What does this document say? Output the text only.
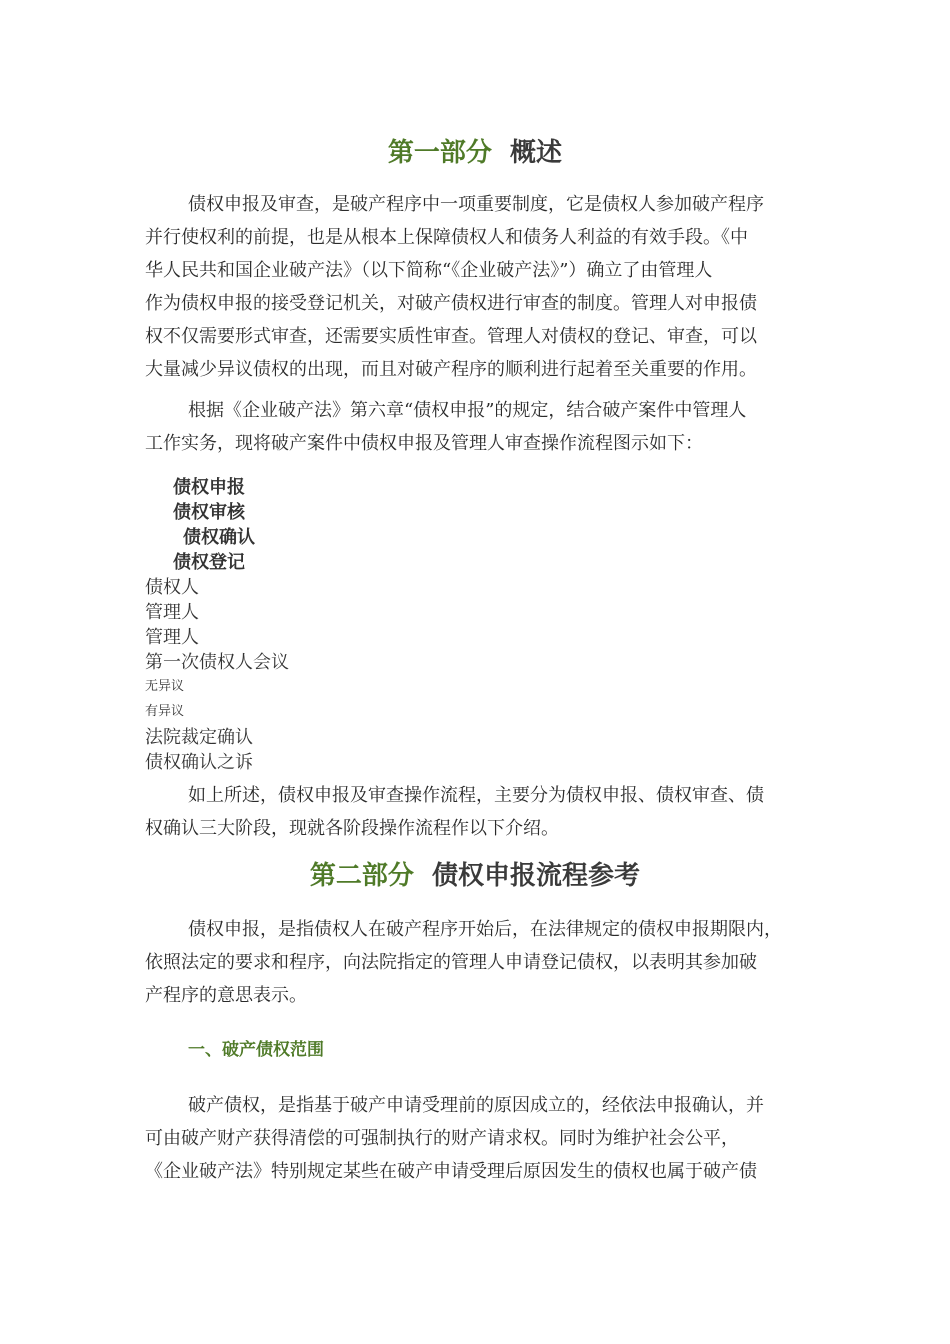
第一部分 概述
债权申报及审查，是破产程序中一项重要制度，它是债权人参加破产程序
并行使权利的前提，也是从根本上保障债权人和债务人利益的有效手段。《中
华人民共和国企业破产法》（以下简称“《企业破产法》”）确立了由管理人
作为债权申报的接受登记机关，对破产债权进行审查的制度。管理人对申报债
权不仅需要形式审查，还需要实质性审查。管理人对债权的登记、审查，可以
大量减少异议债权的出现，而且对破产程序的顺利进行起着至关重要的作用。
根据《企业破产法》第六章“债权申报”的规定，结合破产案件中管理人
工作实务，现将破产案件中债权申报及管理人审查操作流程图示如下：
债权申报
债权审核
债权确认
债权登记
债权人
管理人
管理人
第一次债权人会议
无异议
有异议
法院裁定确认
债权确认之诉
如上所述，债权申报及审查操作流程，主要分为债权申报、债权审查、债
权确认三大阶段，现就各阶段操作流程作以下介绍。
第二部分 债权申报流程参考
债权申报，是指债权人在破产程序开始后，在法律规定的债权申报期限内，
依照法定的要求和程序，向法院指定的管理人申请登记债权，以表明其参加破
产程序的意思表示。
一、破产债权范围
破产债权，是指基于破产申请受理前的原因成立的，经依法申报确认，并
可由破产财产获得清偿的可强制执行的财产请求权。同时为维护社会公平，
《企业破产法》特别规定某些在破产申请受理后原因发生的债权也属于破产债
